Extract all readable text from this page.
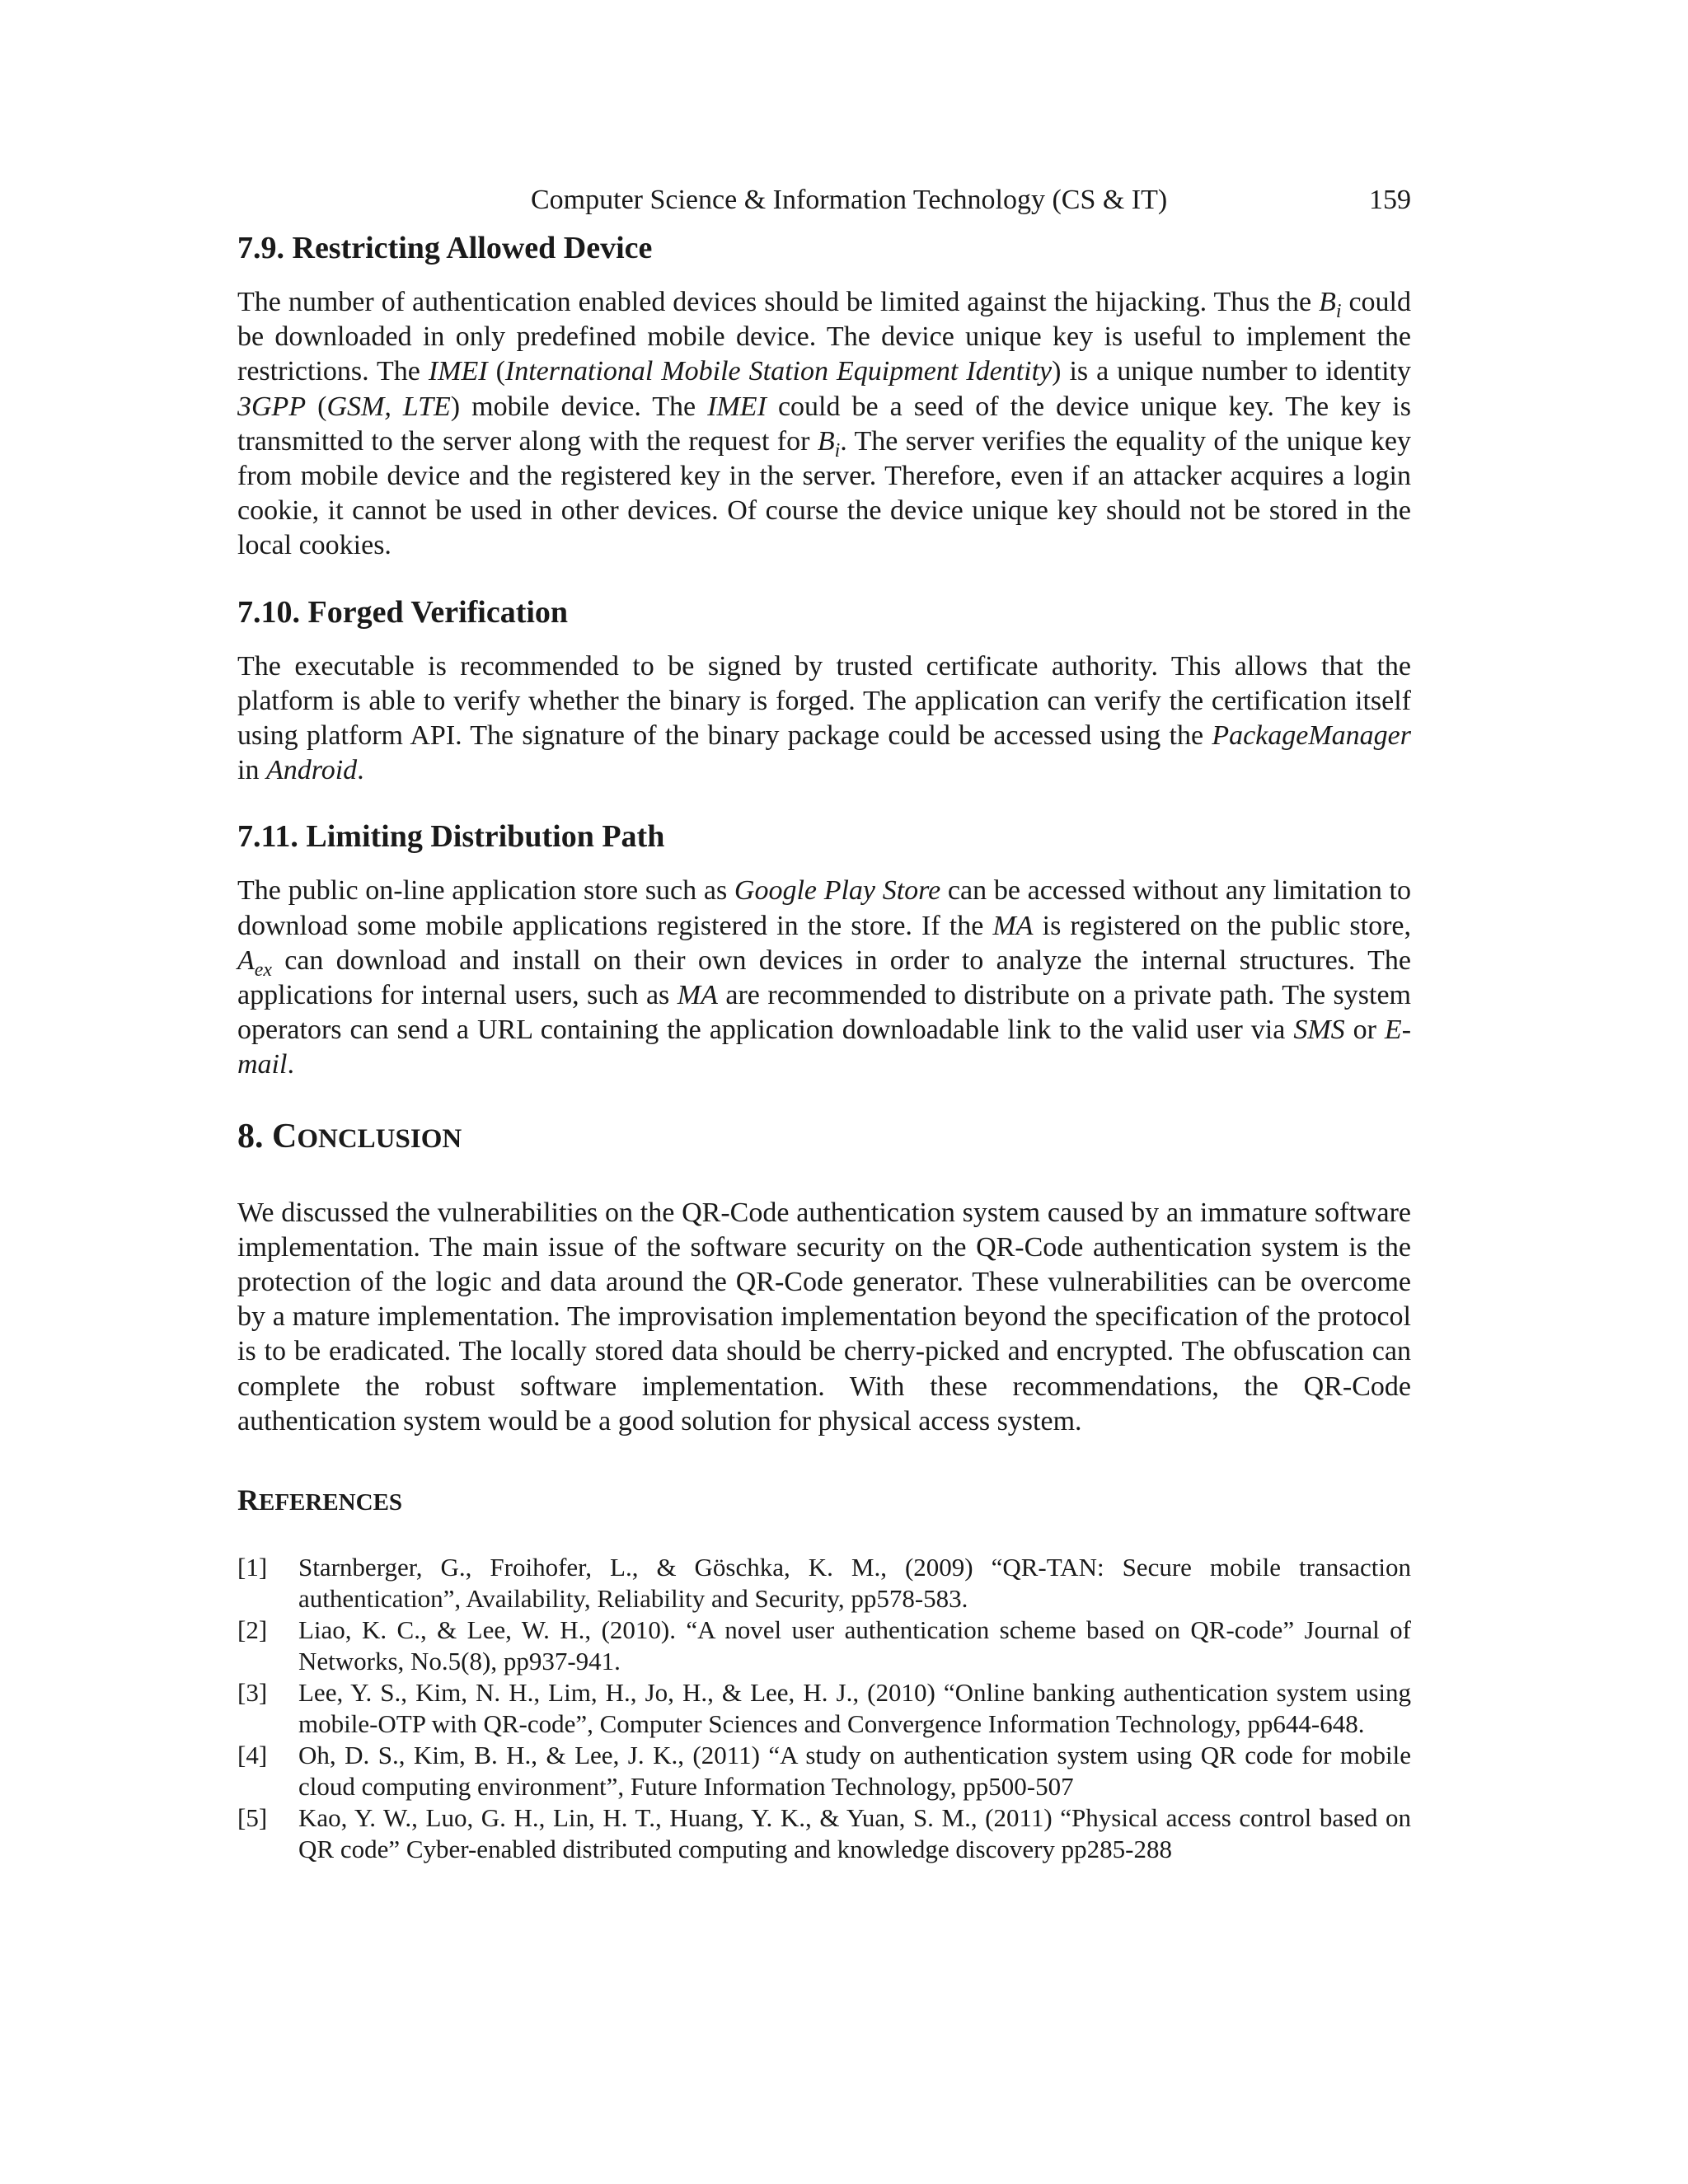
Computer Science & Information Technology (CS & IT)	159
7.9. Restricting Allowed Device

The number of authentication enabled devices should be limited against the hijacking. Thus the $B_i$ could be downloaded in only predefined mobile device. The device unique key is useful to implement the restrictions. The IMEI (International Mobile Station Equipment Identity) is a unique number to identity 3GPP (GSM, LTE) mobile device. The IMEI could be a seed of the device unique key. The key is transmitted to the server along with the request for $B_i$. The server verifies the equality of the unique key from mobile device and the registered key in the server. Therefore, even if an attacker acquires a login cookie, it cannot be used in other devices. Of course the device unique key should not be stored in the local cookies.

7.10. Forged Verification

The executable is recommended to be signed by trusted certificate authority. This allows that the platform is able to verify whether the binary is forged. The application can verify the certification itself using platform API. The signature of the binary package could be accessed using the PackageManager in Android.

7.11. Limiting Distribution Path

The public on-line application store such as Google Play Store can be accessed without any limitation to download some mobile applications registered in the store. If the MA is registered on the public store, $A_{ex}$ can download and install on their own devices in order to analyze the internal structures. The applications for internal users, such as MA are recommended to distribute on a private path. The system operators can send a URL containing the application downloadable link to the valid user via SMS or E-mail.

8. CONCLUSION

We discussed the vulnerabilities on the QR-Code authentication system caused by an immature software implementation. The main issue of the software security on the QR-Code authentication system is the protection of the logic and data around the QR-Code generator. These vulnerabilities can be overcome by a mature implementation. The improvisation implementation beyond the specification of the protocol is to be eradicated. The locally stored data should be cherry-picked and encrypted. The obfuscation can complete the robust software implementation. With these recommendations, the QR-Code authentication system would be a good solution for physical access system.

REFERENCES
[1] Starnberger, G., Froihofer, L., & Göschka, K. M., (2009) “QR-TAN: Secure mobile transaction authentication”, Availability, Reliability and Security, pp578-583.
[2] Liao, K. C., & Lee, W. H., (2010). “A novel user authentication scheme based on QR-code” Journal of Networks, No.5(8), pp937-941.
[3] Lee, Y. S., Kim, N. H., Lim, H., Jo, H., & Lee, H. J., (2010) “Online banking authentication system using mobile-OTP with QR-code”, Computer Sciences and Convergence Information Technology, pp644-648.
[4] Oh, D. S., Kim, B. H., & Lee, J. K., (2011) “A study on authentication system using QR code for mobile cloud computing environment”, Future Information Technology, pp500-507
[5] Kao, Y. W., Luo, G. H., Lin, H. T., Huang, Y. K., & Yuan, S. M., (2011) “Physical access control based on QR code” Cyber-enabled distributed computing and knowledge discovery pp285-288
